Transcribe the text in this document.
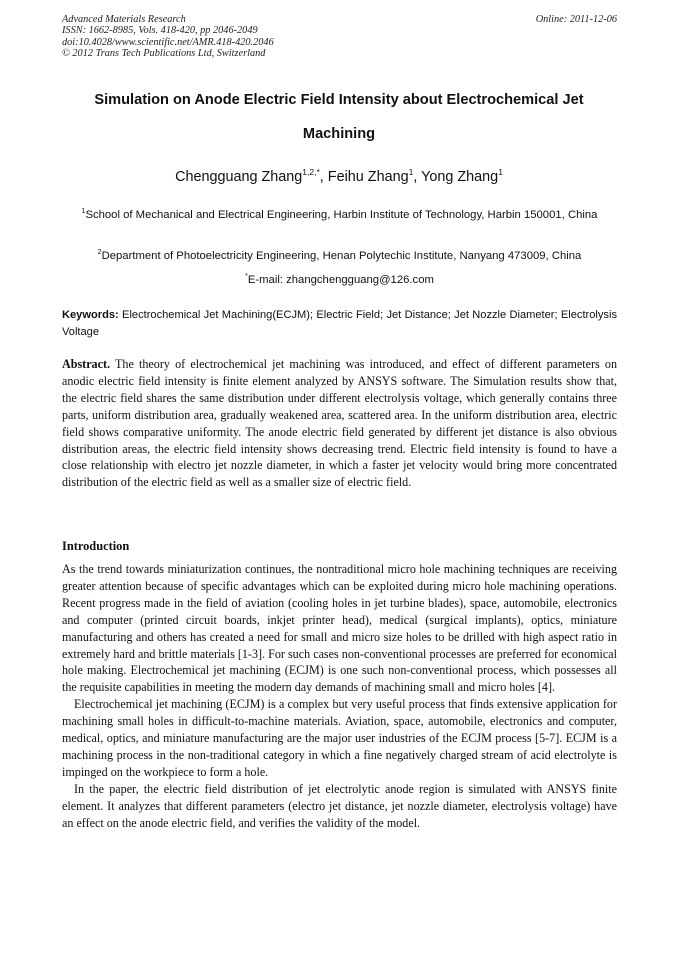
Advanced Materials Research	Online: 2011-12-06
ISSN: 1662-8985, Vols. 418-420, pp 2046-2049
doi:10.4028/www.scientific.net/AMR.418-420.2046
© 2012 Trans Tech Publications Ltd, Switzerland
Simulation on Anode Electric Field Intensity about Electrochemical Jet
Machining
Chengguang Zhang$^{1,2,*}$, Feihu Zhang$^1$, Yong Zhang$^1$
$^1$School of Mechanical and Electrical Engineering, Harbin Institute of Technology, Harbin 150001, China
$^2$Department of Photoelectricity Engineering, Henan Polytechic Institute, Nanyang 473009, China
*E-mail: zhangchengguang@126.com
Keywords: Electrochemical Jet Machining(ECJM); Electric Field; Jet Distance; Jet Nozzle Diameter; Electrolysis Voltage
Abstract. The theory of electrochemical jet machining was introduced, and effect of different parameters on anodic electric field intensity is finite element analyzed by ANSYS software. The Simulation results show that, the electric field shares the same distribution under different electrolysis voltage, which generally contains three parts, uniform distribution area, gradually weakened area, scattered area. In the uniform distribution area, electric field shows comparative uniformity. The anode electric field generated by different jet distance is also obvious distribution areas, the electric field intensity shows decreasing trend. Electric field intensity is found to have a close relationship with electro jet nozzle diameter, in which a faster jet velocity would bring more concentrated distribution of the electric field as well as a smaller size of electric field.
Introduction

As the trend towards miniaturization continues, the nontraditional micro hole machining techniques are receiving greater attention because of specific advantages which can be exploited during micro hole machining operations. Recent progress made in the field of aviation (cooling holes in jet turbine blades), space, automobile, electronics and computer (printed circuit boards, inkjet printer head), medical (surgical implants), optics, miniature manufacturing and others has created a need for small and micro size holes to be drilled with high aspect ratio in extremely hard and brittle materials [1-3]. For such cases non-conventional processes are preferred for economical hole making. Electrochemical jet machining (ECJM) is one such non-conventional process, which possesses all the requisite capabilities in meeting the modern day demands of machining small and micro holes [4].

Electrochemical jet machining (ECJM) is a complex but very useful process that finds extensive application for machining small holes in difficult-to-machine materials. Aviation, space, automobile, electronics and computer, medical, optics, and miniature manufacturing are the major user industries of the ECJM process [5-7]. ECJM is a machining process in the non-traditional category in which a fine negatively charged stream of acid electrolyte is impinged on the workpiece to form a hole.

In the paper, the electric field distribution of jet electrolytic anode region is simulated with ANSYS finite element. It analyzes that different parameters (electro jet distance, jet nozzle diameter, electrolysis voltage) have an effect on the anode electric field, and verifies the validity of the model.
